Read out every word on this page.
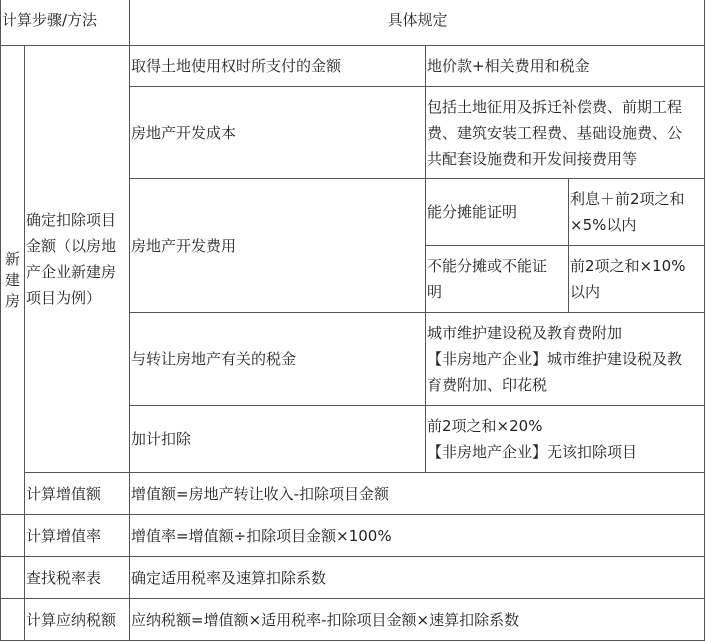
计算步骤/方法		具体规定		

新
建
房	确定扣除项目
金额（以房地
产企业新建房
项目为例）	取得土地使用权时所支付的金额	地价款+相关费用和税金	
		房地产开发成本	包括土地征用及拆迁补偿费、前期工程
费、建筑安装工程费、基础设施费、公
共配套设施费和开发间接费用等	

		房地产开发费用	能分摊能证明	利息＋前2项之和
×5%以内

			不能分摊或不能证
明	前2项之和×10%
以内

		与转让房地产有关的税金	城市维护建设税及教育费附加
【非房地产企业】城市维护建设税及教
育费附加、印花税	

		加计扣除	前2项之和×20%
【非房地产企业】无该扣除项目	

	计算增值额	增值额=房地产转让收入-扣除项目金额		
	计算增值率	增值率=增值额÷扣除项目金额×100%		
	查找税率表	确定适用税率及速算扣除系数		
	计算应纳税额	应纳税额=增值额×适用税率-扣除项目金额×速算扣除系数		
